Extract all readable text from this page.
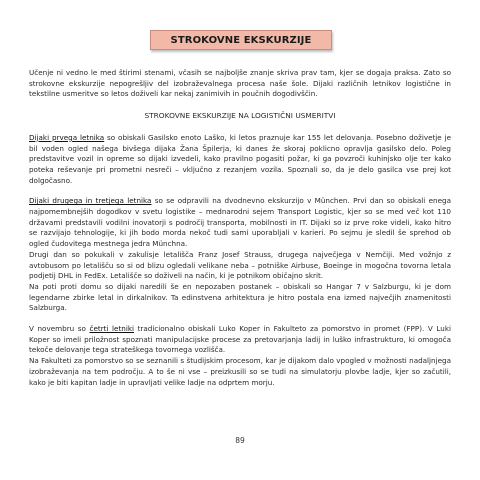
STROKOVNE EKSKURZIJE

Učenje ni vedno le med štirimi stenami, včasih se najboljše znanje skriva prav tam, kjer se dogaja praksa. Zato so strokovne ekskurzije nepogrešljiv del izobraževalnega procesa naše šole. Dijaki različnih letnikov logistične in tekstilne usmeritve so letos doživeli kar nekaj zanimivih in poučnih dogodivščin.

STROKOVNE EKSKURZIJE NA LOGISTIČNI USMERITVI

Dijaki prvega letnika so obiskali Gasilsko enoto Laško, ki letos praznuje kar 155 let delovanja. Posebno doživetje je bil voden ogled našega bivšega dijaka Žana Špilerja, ki danes že skoraj poklicno opravlja gasilsko delo. Poleg predstavitve vozil in opreme so dijaki izvedeli, kako pravilno pogasiti požar, ki ga povzroči kuhinjsko olje ter kako poteka reševanje pri prometni nesreči – vključno z rezanjem vozila. Spoznali so, da je delo gasilca vse prej kot dolgočasno.

Dijaki drugega in tretjega letnika so se odpravili na dvodnevno ekskurzijo v München. Prvi dan so obiskali enega najpomembnejših dogodkov v svetu logistike – mednarodni sejem Transport Logistic, kjer so se med več kot 110 državami predstavili vodilni inovatorji s področij transporta, mobilnosti in IT. Dijaki so iz prve roke videli, kako hitro se razvijajo tehnologije, ki jih bodo morda nekoč tudi sami uporabljali v karieri. Po sejmu je sledil še sprehod ob ogled čudovitega mestnega jedra Münchna.

Drugi dan so pokukali v zakulisje letališča Franz Josef Strauss, drugega največjega v Nemčiji. Med vožnjo z avtobusom po letališču so si od blizu ogledali velikane neba – potniške Airbuse, Boeinge in mogočna tovorna letala podjetij DHL in FedEx. Letališče so doživeli na način, ki je potnikom običajno skrit.

Na poti proti domu so dijaki naredili še en nepozaben postanek – obiskali so Hangar 7 v Salzburgu, ki je dom legendarne zbirke letal in dirkalnikov. Ta edinstvena arhitektura je hitro postala ena izmed največjih znamenitosti Salzburga.

V novembru so četrti letniki tradicionalno obiskali Luko Koper in Fakulteto za pomorstvo in promet (FPP). V Luki Koper so imeli priložnost spoznati manipulacijske procese za pretovarjanja ladij in luško infrastrukturo, ki omogoča tekoče delovanje tega strateškega tovornega vozlišča.

Na Fakulteti za pomorstvo so se seznanili s študijskim procesom, kar je dijakom dalo vpogled v možnosti nadaljnjega izobraževanja na tem področju. A to še ni vse – preizkusili so se tudi na simulatorju plovbe ladje, kjer so začutili, kako je biti kapitan ladje in upravljati velike ladje na odprtem morju.

89
